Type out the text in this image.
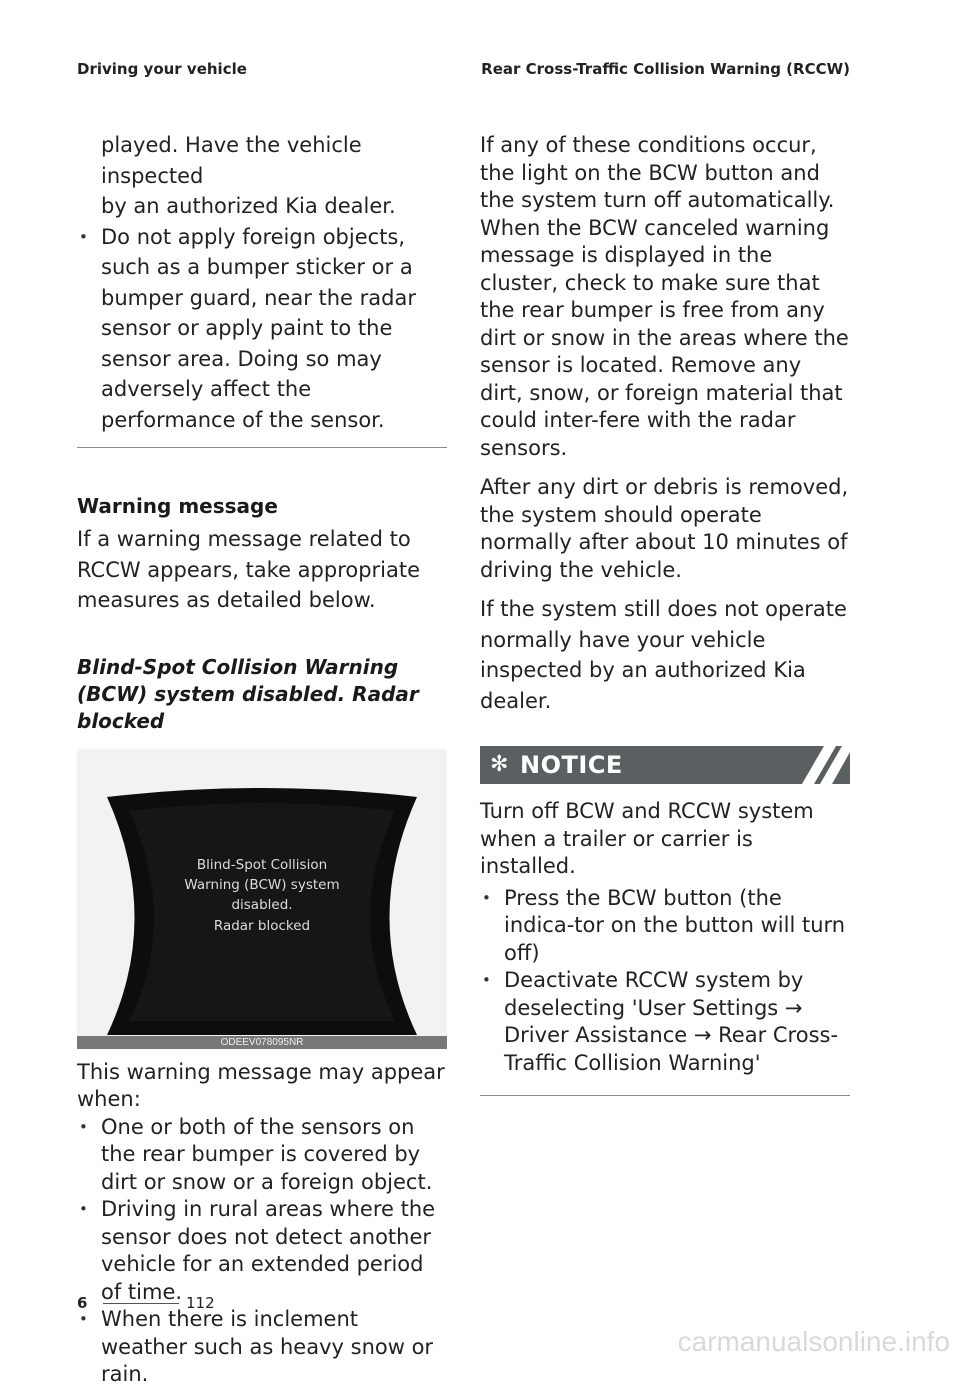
Driving your vehicle	Rear Cross-Traffic Collision Warning (RCCW)

played. Have the vehicle inspected

by an authorized Kia dealer.

• Do not apply foreign objects, such as a bumper sticker or a bumper guard, near the radar sensor or apply paint to the sensor area. Doing so may adversely affect the performance of the sensor.
Warning message

If a warning message related to RCCW appears, take appropriate measures as detailed below.

Blind-Spot Collision Warning (BCW) system disabled. Radar blocked
Blind-Spot Collision
Warning (BCW) system
disabled.
Radar blocked
ODEEV078095NR

This warning message may appear when:

• One or both of the sensors on the rear bumper is covered by dirt or snow or a foreign object.
• Driving in rural areas where the sensor does not detect another vehicle for an extended period of time.
• When there is inclement weather such as heavy snow or rain.

If any of these conditions occur, the light on the BCW button and the system turn off automatically. When the BCW canceled warning message is displayed in the cluster, check to make sure that the rear bumper is free from any dirt or snow in the areas where the sensor is located. Remove any dirt, snow, or foreign material that could inter-fere with the radar sensors.

After any dirt or debris is removed, the system should operate normally after about 10 minutes of driving the vehicle.

If the system still does not operate normally have your vehicle inspected by an authorized Kia dealer.

✻ NOTICE

Turn off BCW and RCCW system when a trailer or carrier is installed.

• Press the BCW button (the indica-tor on the button will turn off)
• Deactivate RCCW system by deselecting 'User Settings → Driver Assistance → Rear Cross-Traffic Collision Warning'
6	112
carmanualsonline.info
